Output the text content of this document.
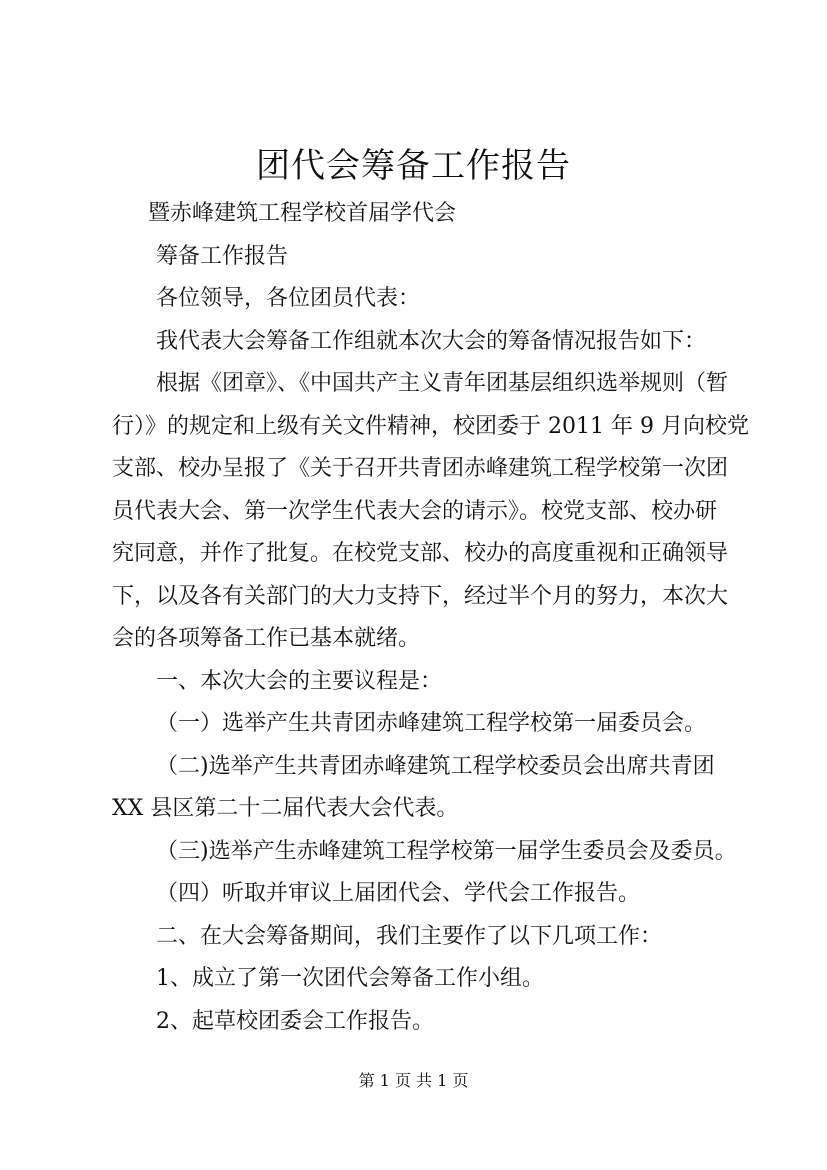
团代会筹备工作报告
暨赤峰建筑工程学校首届学代会
筹备工作报告
各位领导，各位团员代表：
我代表大会筹备工作组就本次大会的筹备情况报告如下：
根据《团章》、《中国共产主义青年团基层组织选举规则（暂
行）》的规定和上级有关文件精神，校团委于 2011 年 9 月向校党
支部、校办呈报了《关于召开共青团赤峰建筑工程学校第一次团
员代表大会、第一次学生代表大会的请示》。校党支部、校办研
究同意，并作了批复。在校党支部、校办的高度重视和正确领导
下，以及各有关部门的大力支持下，经过半个月的努力，本次大
会的各项筹备工作已基本就绪。
一、本次大会的主要议程是：
（一）选举产生共青团赤峰建筑工程学校第一届委员会。
（二)选举产生共青团赤峰建筑工程学校委员会出席共青团
XX 县区第二十二届代表大会代表。
（三)选举产生赤峰建筑工程学校第一届学生委员会及委员。
（四）听取并审议上届团代会、学代会工作报告。
二、在大会筹备期间，我们主要作了以下几项工作：
1、成立了第一次团代会筹备工作小组。
2、起草校团委会工作报告。
第 1 页 共 1 页
